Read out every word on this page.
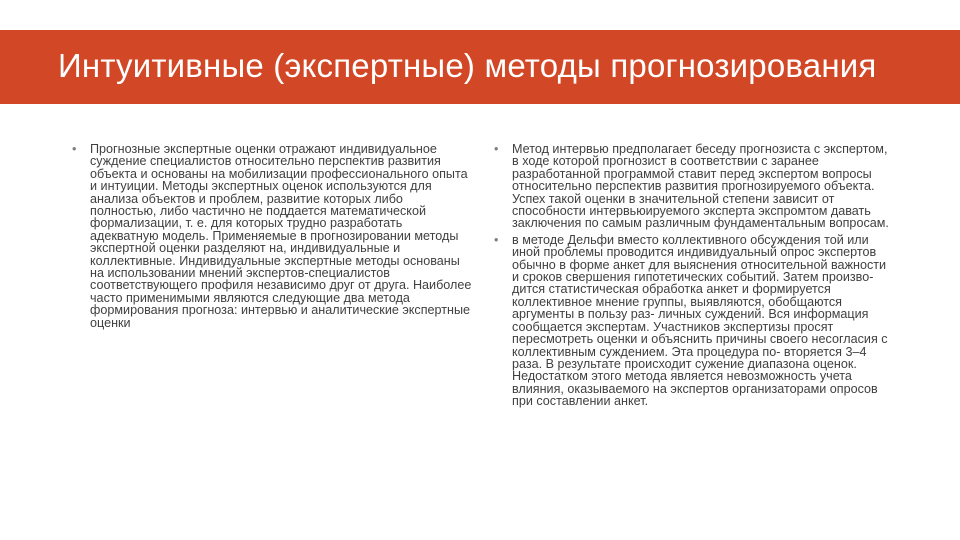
Интуитивные (экспертные) методы прогнозирования
• Прогнозные экспертные оценки отражают индивидуальное суждение специалистов относительно перспектив развития объекта и основаны на мобилизации профессионального опыта и интуиции. Методы экспертных оценок используются для анализа объектов и проблем, развитие которых либо полностью, либо частично не поддается математической формализации, т. е. для которых трудно разработать адекватную модель. Применяемые в прогнозировании методы экспертной оценки разделяют на, индивидуальные и коллективные. Индивидуальные экспертные методы основаны на использовании мнений экспертов-специалистов соответствующего профиля независимо друг от друга. Наиболее часто применимыми являются следующие два метода формирования прогноза: интервью и аналитические экспертные оценки
• Метод интервью предполагает беседу прогнозиста с экспертом, в ходе которой прогнозист в соответствии с заранее разработанной программой ставит перед экспертом вопросы относительно перспектив развития прогнозируемого объекта. Успех такой оценки в значительной степени зависит от способности интервьюируемого эксперта экспромтом давать заключения по самым различным фундаментальным вопросам.
• в методе Дельфи вместо коллективного обсуждения той или иной проблемы проводится индивидуальный опрос экспертов обычно в форме анкет для выяснения относительной важности и сроков свершения гипотетических событий. Затем произво- дится статистическая обработка анкет и формируется коллективное мнение группы, выявляются, обобщаются аргументы в пользу раз- личных суждений. Вся информация сообщается экспертам. Участников экспертизы просят пересмотреть оценки и объяснить причины своего несогласия с коллективным суждением. Эта процедура по- вторяется 3–4 раза. В результате происходит сужение диапазона оценок. Недостатком этого метода является невозможность учета влияния, оказываемого на экспертов организаторами опросов при составлении анкет.
